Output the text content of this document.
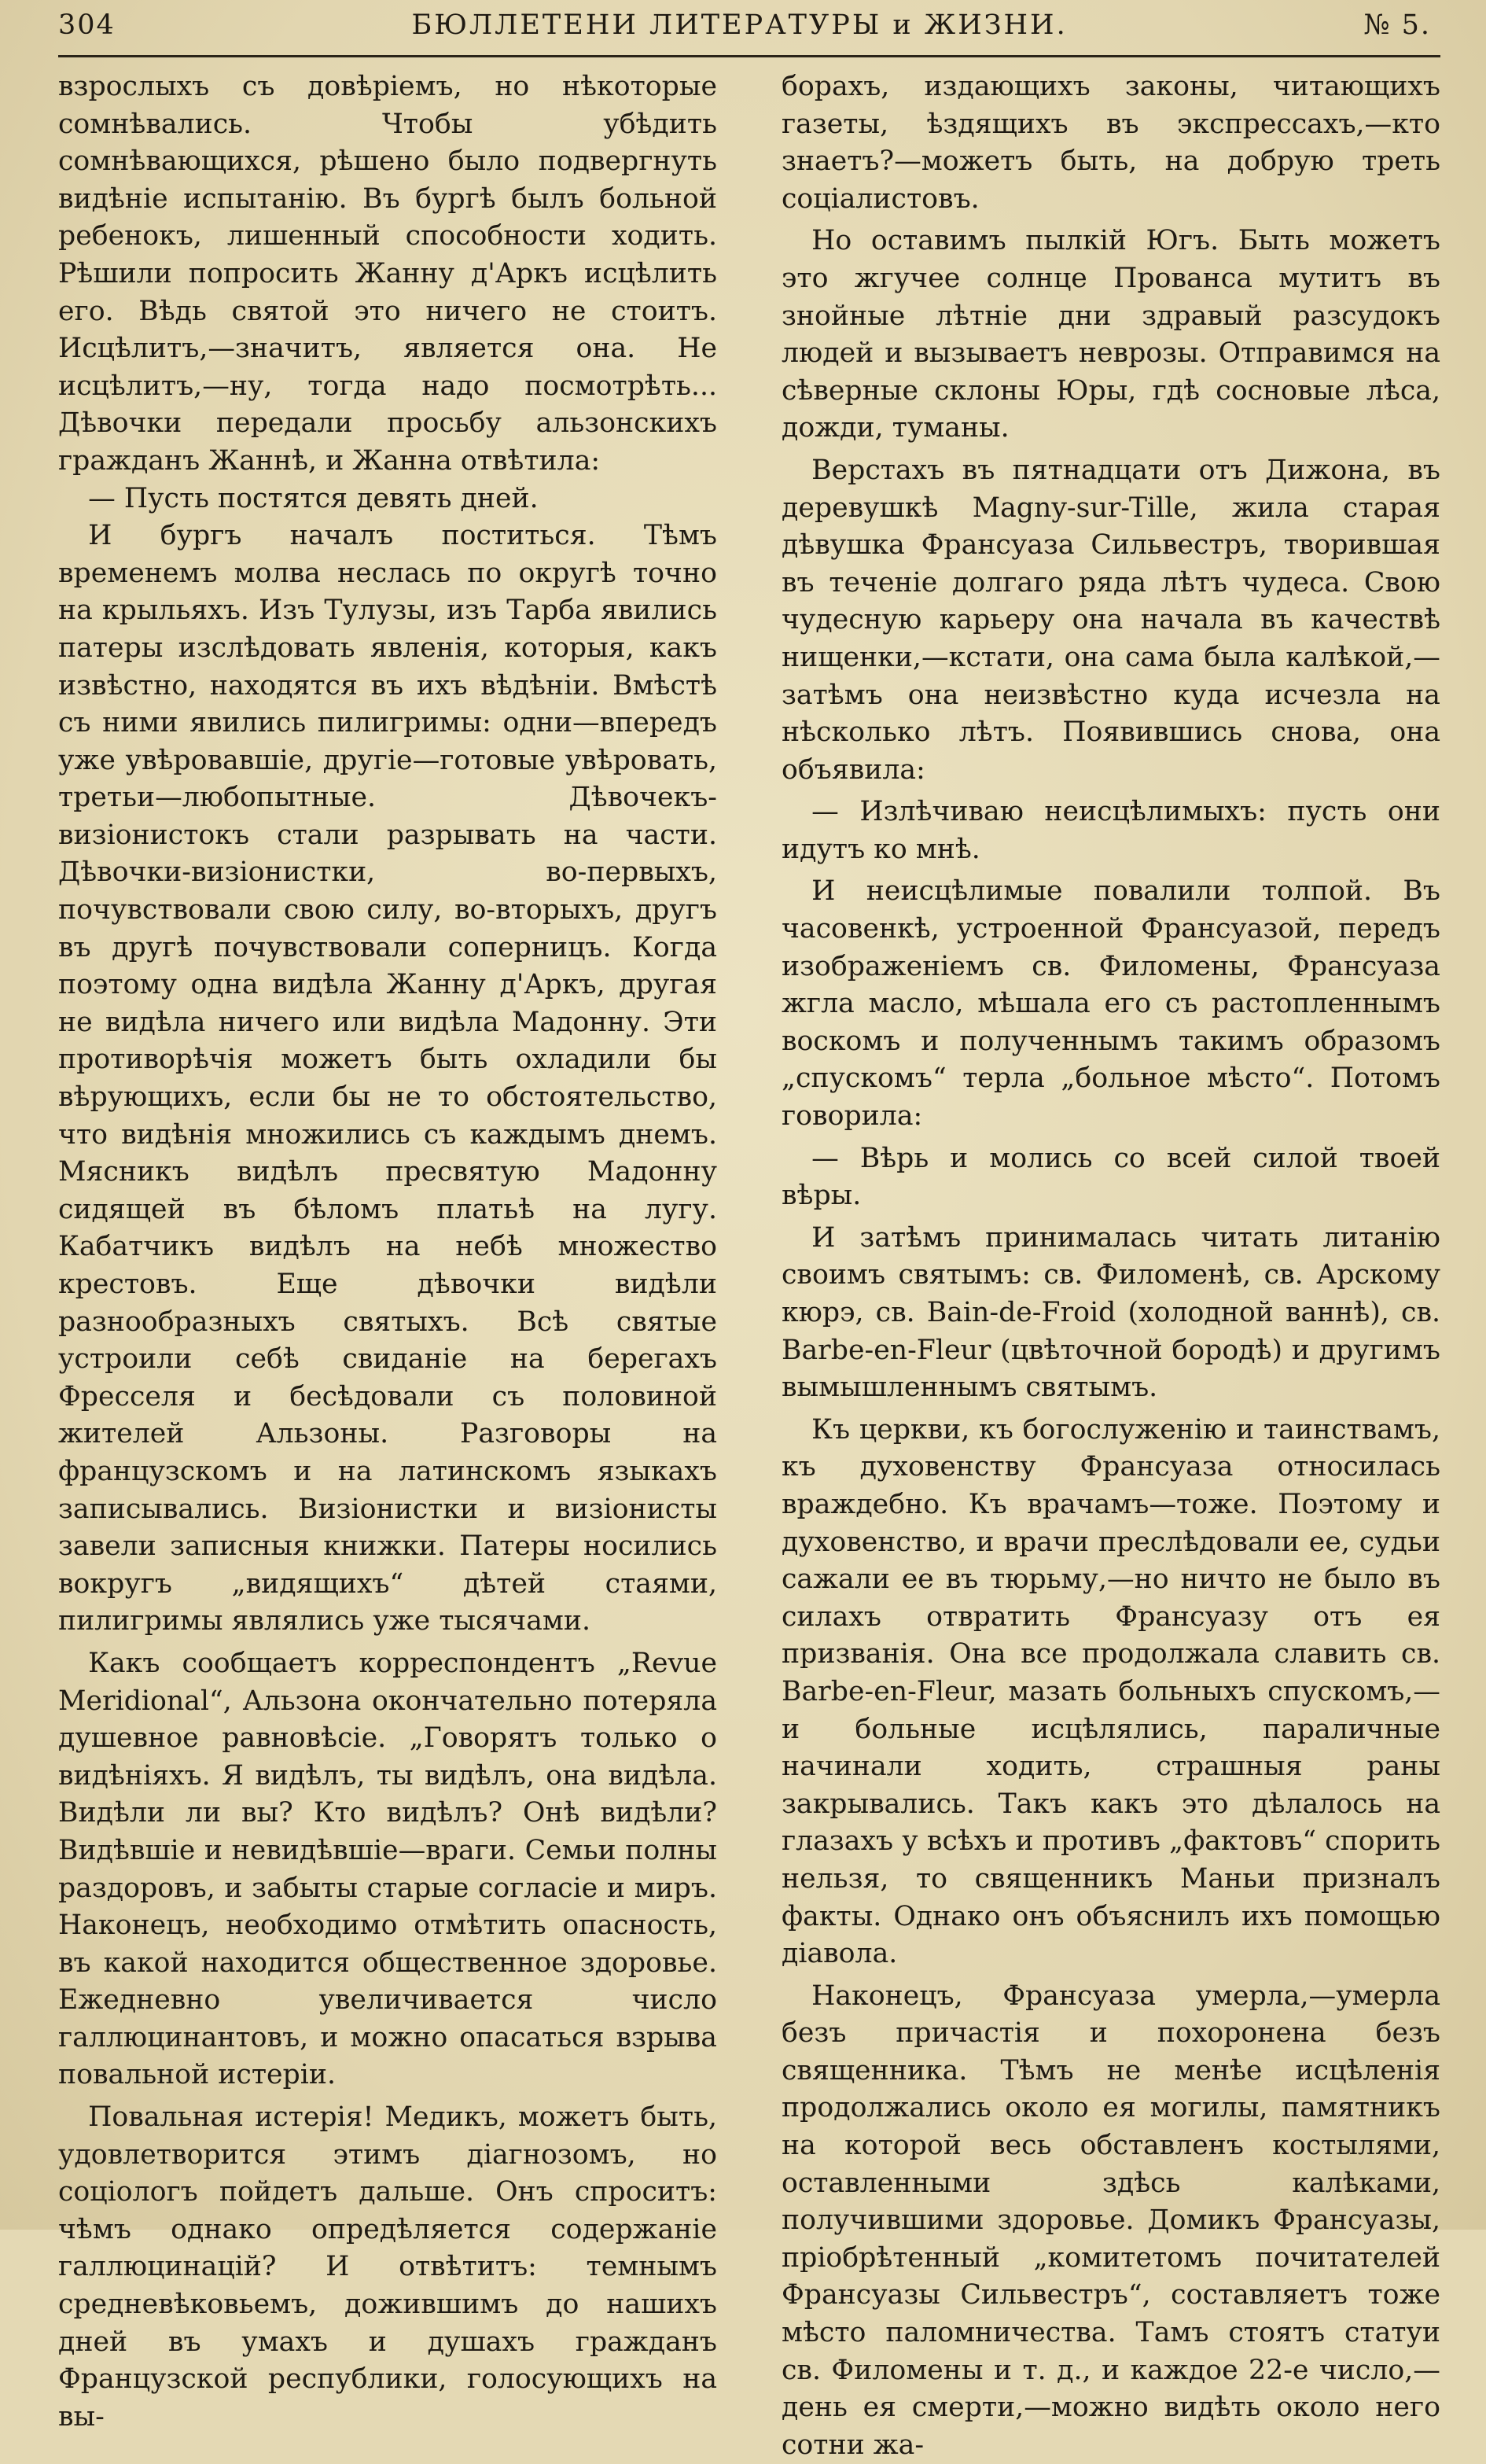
304	БЮЛЛЕТЕНИ ЛИТЕРАТУРЫ и ЖИЗНИ.	№ 5.

взрослыхъ съ довѣріемъ, но нѣкоторые сомнѣвались. Чтобы убѣдить сомнѣвающихся, рѣшено было подвергнуть видѣніе испытанію. Въ бургѣ былъ больной ребенокъ, лишенный способности ходить. Рѣшили попросить Жанну д'Аркъ исцѣлить его. Вѣдь святой это ничего не стоитъ. Исцѣлитъ,—значитъ, является она. Не исцѣлитъ,—ну, тогда надо посмотрѣть... Дѣвочки передали просьбу альзонскихъ гражданъ Жаннѣ, и Жанна отвѣтила:

— Пусть постятся девять дней.

И бургъ началъ поститься. Тѣмъ временемъ молва неслась по округѣ точно на крыльяхъ. Изъ Тулузы, изъ Тарба явились патеры изслѣдовать явленія, которыя, какъ извѣстно, находятся въ ихъ вѣдѣніи. Вмѣстѣ съ ними явились пилигримы: одни—впередъ уже увѣровавшіе, другіе—готовые увѣровать, третьи—любопытные. Дѣвочекъ-визіонистокъ стали разрывать на части. Дѣвочки-визіонистки, во-первыхъ, почувствовали свою силу, во-вторыхъ, другъ въ другѣ почувствовали соперницъ. Когда поэтому одна видѣла Жанну д'Аркъ, другая не видѣла ничего или видѣла Мадонну. Эти противорѣчія можетъ быть охладили бы вѣрующихъ, если бы не то обстоятельство, что видѣнія множились съ каждымъ днемъ. Мясникъ видѣлъ пресвятую Мадонну сидящей въ бѣломъ платьѣ на лугу. Кабатчикъ видѣлъ на небѣ множество крестовъ. Еще дѣвочки видѣли разнообразныхъ святыхъ. Всѣ святые устроили себѣ свиданіе на берегахъ Фресселя и бесѣдовали съ половиной жителей Альзоны. Разговоры на французскомъ и на латинскомъ языкахъ записывались. Визіонистки и визіонисты завели записныя книжки. Патеры носились вокругъ „видящихъ“ дѣтей стаями, пилигримы являлись уже тысячами.

Какъ сообщаетъ корреспондентъ „Revue Meridional“, Альзона окончательно потеряла душевное равновѣсіе. „Говорятъ только о видѣніяхъ. Я видѣлъ, ты видѣлъ, она видѣла. Видѣли ли вы? Кто видѣлъ? Онѣ видѣли? Видѣвшіе и невидѣвшіе—враги. Семьи полны раздоровъ, и забыты старые согласіе и миръ. Наконецъ, необходимо отмѣтить опасность, въ какой находится общественное здоровье. Ежедневно увеличивается число галлюцинантовъ, и можно опасаться взрыва повальной истеріи.

Повальная истерія! Медикъ, можетъ быть, удовлетворится этимъ діагнозомъ, но соціологъ пойдетъ дальше. Онъ спроситъ: чѣмъ однако опредѣляется содержаніе галлюцинацій? И отвѣтитъ: темнымъ средневѣковьемъ, дожившимъ до нашихъ дней въ умахъ и душахъ гражданъ Французской республики, голосующихъ на вы-

борахъ, издающихъ законы, читающихъ газеты, ѣздящихъ въ экспрессахъ,—кто знаетъ?—можетъ быть, на добрую треть соціалистовъ.

Но оставимъ пылкій Югъ. Быть можетъ это жгучее солнце Прованса мутитъ въ знойные лѣтніе дни здравый разсудокъ людей и вызываетъ неврозы. Отправимся на сѣверные склоны Юры, гдѣ сосновые лѣса, дожди, туманы.

Верстахъ въ пятнадцати отъ Дижона, въ деревушкѣ Magny-sur-Tille, жила старая дѣвушка Франсуаза Сильвестръ, творившая въ теченіе долгаго ряда лѣтъ чудеса. Свою чудесную карьеру она начала въ качествѣ нищенки,—кстати, она сама была калѣкой,—затѣмъ она неизвѣстно куда исчезла на нѣсколько лѣтъ. Появившись снова, она объявила:

— Излѣчиваю неисцѣлимыхъ: пусть они идутъ ко мнѣ.

И неисцѣлимые повалили толпой. Въ часовенкѣ, устроенной Франсуазой, передъ изображеніемъ св. Филомены, Франсуаза жгла масло, мѣшала его съ растопленнымъ воскомъ и полученнымъ такимъ образомъ „спускомъ“ терла „больное мѣсто“. Потомъ говорила:

— Вѣрь и молись со всей силой твоей вѣры.

И затѣмъ принималась читать литанію своимъ святымъ: св. Филоменѣ, св. Арскому кюрэ, св. Bain-de-Froid (холодной ваннѣ), св. Barbe-en-Fleur (цвѣточной бородѣ) и другимъ вымышленнымъ святымъ.

Къ церкви, къ богослуженію и таинствамъ, къ духовенству Франсуаза относилась враждебно. Къ врачамъ—тоже. Поэтому и духовенство, и врачи преслѣдовали ее, судьи сажали ее въ тюрьму,—но ничто не было въ силахъ отвратить Франсуазу отъ ея призванія. Она все продолжала славить св. Barbe-en-Fleur, мазать больныхъ спускомъ,—и больные исцѣлялись, параличные начинали ходить, страшныя раны закрывались. Такъ какъ это дѣлалось на глазахъ у всѣхъ и противъ „фактовъ“ спорить нельзя, то священникъ Маньи призналъ факты. Однако онъ объяснилъ ихъ помощью діавола.

Наконецъ, Франсуаза умерла,—умерла безъ причастія и похоронена безъ священника. Тѣмъ не менѣе исцѣленія продолжались около ея могилы, памятникъ на которой весь обставленъ костылями, оставленными здѣсь калѣками, получившими здоровье. Домикъ Франсуазы, пріобрѣтенный „комитетомъ почитателей Франсуазы Сильвестръ“, составляетъ тоже мѣсто паломничества. Тамъ стоятъ статуи св. Филомены и т. д., и каждое 22-е число,—день ея смерти,—можно видѣть около него сотни жа-
